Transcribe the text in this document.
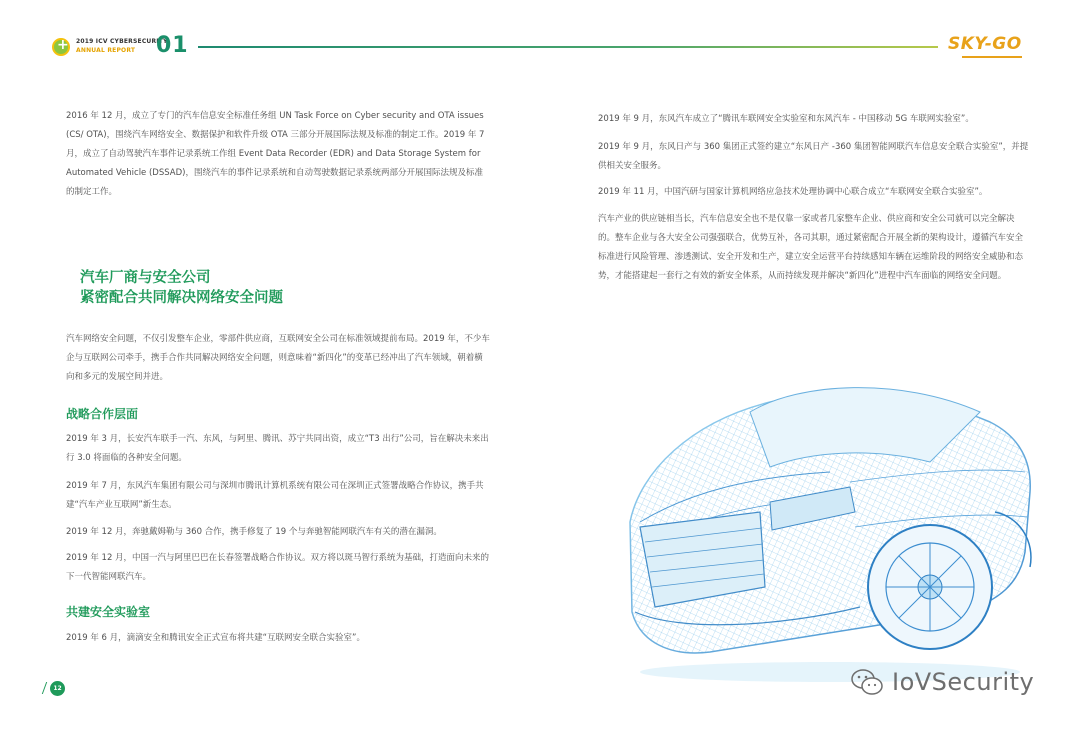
+
2019 ICV CYBERSECURITY
ANNUAL REPORT 01	SKY-GO
2016 年 12 月，成立了专门的汽车信息安全标准任务组 UN Task Force on Cyber security and OTA issues (CS/ OTA)，围绕汽车网络安全、数据保护和软件升级 OTA 三部分开展国际法规及标准的制定工作。2019 年 7 月，成立了自动驾驶汽车事件记录系统工作组 Event Data Recorder (EDR) and Data Storage System for Automated Vehicle (DSSAD)，围绕汽车的事件记录系统和自动驾驶数据记录系统两部分开展国际法规及标准的制定工作。
汽车厂商与安全公司
紧密配合共同解决网络安全问题
汽车网络安全问题，不仅引发整车企业，零部件供应商，互联网安全公司在标准领域提前布局。2019 年，不少车企与互联网公司牵手，携手合作共同解决网络安全问题，则意味着“新四化”的变革已经冲出了汽车领域，朝着横向和多元的发展空间并进。
战略合作层面
2019 年 3 月，长安汽车联手一汽、东风，与阿里、腾讯、苏宁共同出资，成立“T3 出行”公司，旨在解决未来出行 3.0 将面临的各种安全问题。
2019 年 7 月，东风汽车集团有限公司与深圳市腾讯计算机系统有限公司在深圳正式签署战略合作协议，携手共建“汽车产业互联网”新生态。
2019 年 12 月，奔驰戴姆勒与 360 合作，携手修复了 19 个与奔驰智能网联汽车有关的潜在漏洞。
2019 年 12 月，中国一汽与阿里巴巴在长春签署战略合作协议。双方将以斑马智行系统为基础，打造面向未来的下一代智能网联汽车。
共建安全实验室
2019 年 6 月，滴滴安全和腾讯安全正式宣布将共建“互联网安全联合实验室”。
2019 年 9 月，东风汽车成立了“腾讯车联网安全实验室和东风汽车 - 中国移动 5G 车联网实验室”。
2019 年 9 月，东风日产与 360 集团正式签约建立“东风日产 -360 集团智能网联汽车信息安全联合实验室”，并提供相关安全服务。
2019 年 11 月，中国汽研与国家计算机网络应急技术处理协调中心联合成立“车联网安全联合实验室”。
汽车产业的供应链相当长，汽车信息安全也不是仅靠一家或者几家整车企业、供应商和安全公司就可以完全解决的。整车企业与各大安全公司强强联合，优势互补，各司其职，通过紧密配合开展全新的架构设计，遵循汽车安全标准进行风险管理、渗透测试、安全开发和生产，建立安全运营平台持续感知车辆在运维阶段的网络安全威胁和态势，才能搭建起一套行之有效的新安全体系，从而持续发现并解决“新四化”进程中汽车面临的网络安全问题。
12	IoVSecurity
